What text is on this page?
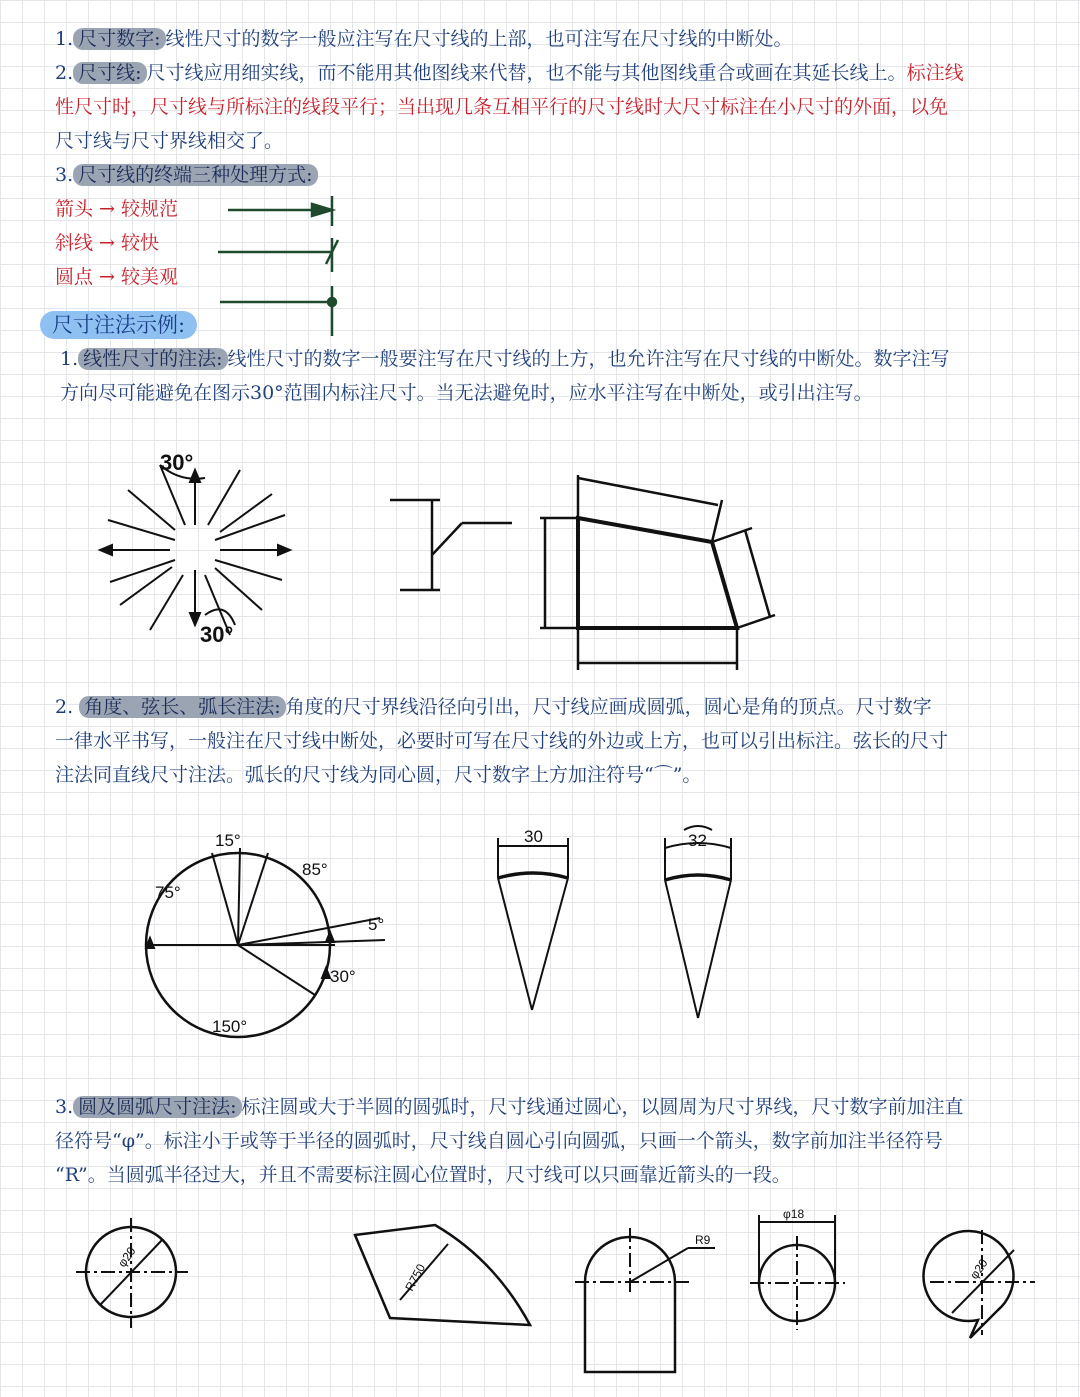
1. 尺寸数字: 线性尺寸的数字一般应注写在尺寸线的上部，也可注写在尺寸线的中断处。
2. 尺寸线: 尺寸线应用细实线，而不能用其他图线来代替，也不能与其他图线重合或画在其延长线上。标注线
性尺寸时，尺寸线与所标注的线段平行；当出现几条互相平行的尺寸线时大尺寸标注在小尺寸的外面，以免
尺寸线与尺寸界线相交了。
3. 尺寸线的终端三种处理方式:
箭头 → 较规范
斜线 → 较快
圆点 → 较美观
尺寸注法示例:
1. 线性尺寸的注法: 线性尺寸的数字一般要注写在尺寸线的上方，也允许注写在尺寸线的中断处。数字注写
方向尽可能避免在图示30°范围内标注尺寸。当无法避免时，应水平注写在中断处，或引出注写。
30°
30°
2. 角度、弦长、弧长注法: 角度的尺寸界线沿径向引出，尺寸线应画成圆弧，圆心是角的顶点。尺寸数字
一律水平书写，一般注在尺寸线中断处，必要时可写在尺寸线的外边或上方，也可以引出标注。弦长的尺寸
注法同直线尺寸注法。弧长的尺寸线为同心圆，尺寸数字上方加注符号“⌒”。
15°
85°
75°
5°
30°
150°
30	32
3. 圆及圆弧尺寸注法: 标注圆或大于半圆的圆弧时，尺寸线通过圆心，以圆周为尺寸界线，尺寸数字前加注直
径符号“φ”。标注小于或等于半径的圆弧时，尺寸线自圆心引向圆弧，只画一个箭头，数字前加注半径符号
“R”。当圆弧半径过大，并且不需要标注圆心位置时，尺寸线可以只画靠近箭头的一段。
φ20
R750
R9
φ18
φ20
